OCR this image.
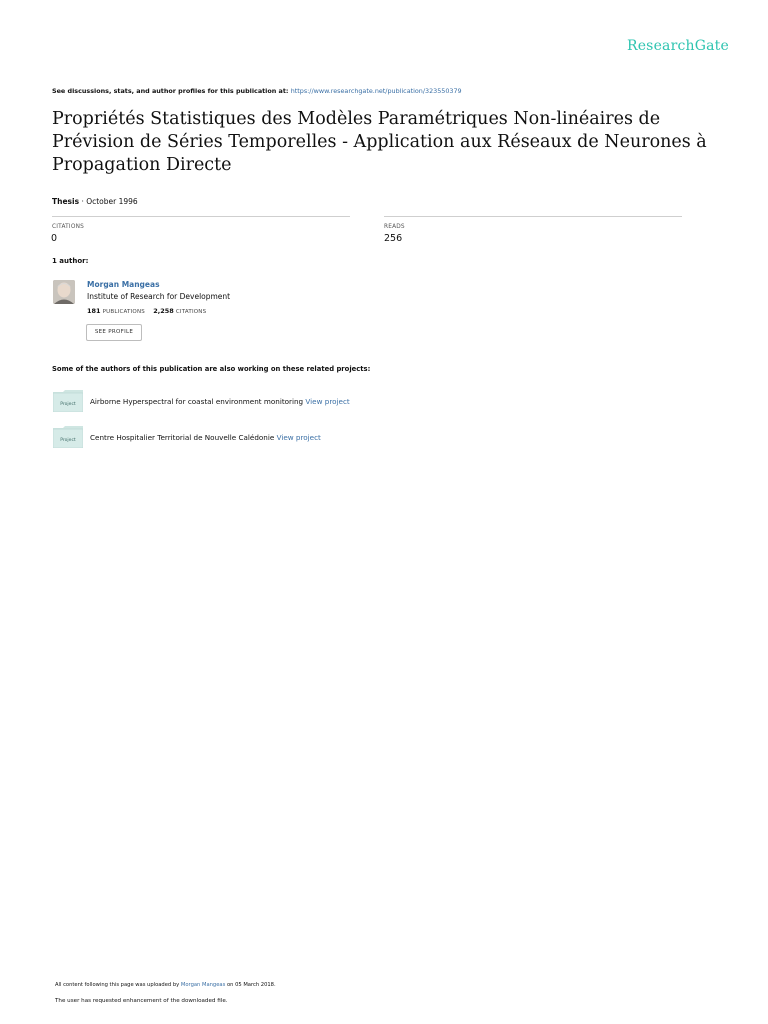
ResearchGate
See discussions, stats, and author profiles for this publication at: https://www.researchgate.net/publication/323550379
Propriétés Statistiques des Modèles Paramétriques Non-linéaires de Prévision de Séries Temporelles - Application aux Réseaux de Neurones à Propagation Directe
Thesis · October 1996
CITATIONS
0
READS
256
1 author:
Morgan Mangeas
Institute of Research for Development
181 PUBLICATIONS 2,258 CITATIONS
SEE PROFILE
Some of the authors of this publication are also working on these related projects:
Project Airborne Hyperspectral for coastal environment monitoring View project
Project Centre Hospitalier Territorial de Nouvelle Calédonie View project
All content following this page was uploaded by Morgan Mangeas on 05 March 2018.
The user has requested enhancement of the downloaded file.
